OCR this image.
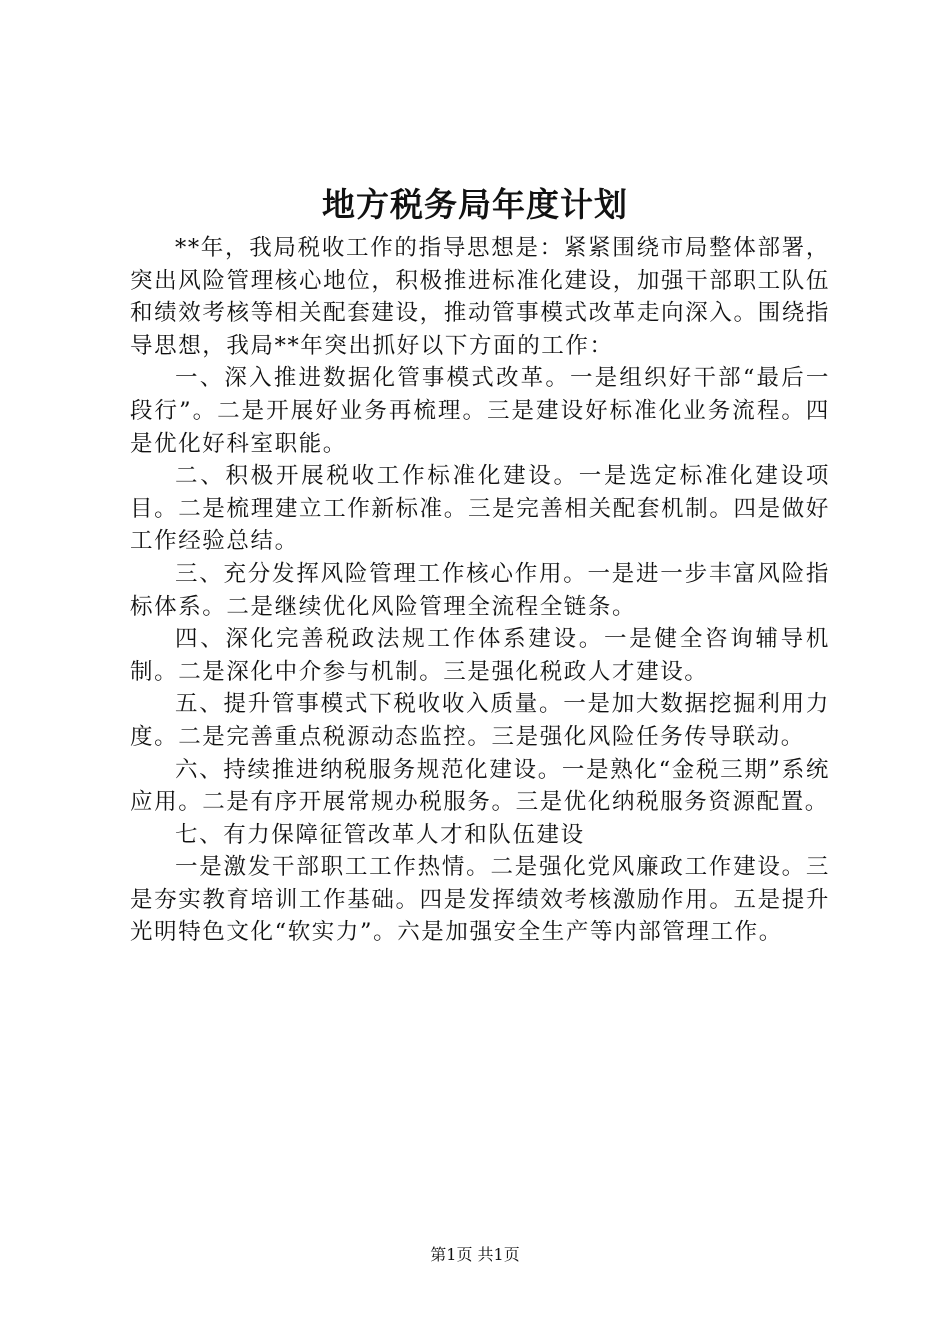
地方税务局年度计划

**年，我局税收工作的指导思想是：紧紧围绕市局整体部署，突出风险管理核心地位，积极推进标准化建设，加强干部职工队伍和绩效考核等相关配套建设，推动管事模式改革走向深入。围绕指导思想，我局**年突出抓好以下方面的工作：

一、深入推进数据化管事模式改革。一是组织好干部“最后一段行”。二是开展好业务再梳理。三是建设好标准化业务流程。四是优化好科室职能。

二、积极开展税收工作标准化建设。一是选定标准化建设项目。二是梳理建立工作新标准。三是完善相关配套机制。四是做好工作经验总结。

三、充分发挥风险管理工作核心作用。一是进一步丰富风险指标体系。二是继续优化风险管理全流程全链条。

四、深化完善税政法规工作体系建设。一是健全咨询辅导机制。二是深化中介参与机制。三是强化税政人才建设。

五、提升管事模式下税收收入质量。一是加大数据挖掘利用力度。二是完善重点税源动态监控。三是强化风险任务传导联动。

六、持续推进纳税服务规范化建设。一是熟化“金税三期”系统应用。二是有序开展常规办税服务。三是优化纳税服务资源配置。

七、有力保障征管改革人才和队伍建设

一是激发干部职工工作热情。二是强化党风廉政工作建设。三是夯实教育培训工作基础。四是发挥绩效考核激励作用。五是提升光明特色文化“软实力”。六是加强安全生产等内部管理工作。

第1页 共1页
